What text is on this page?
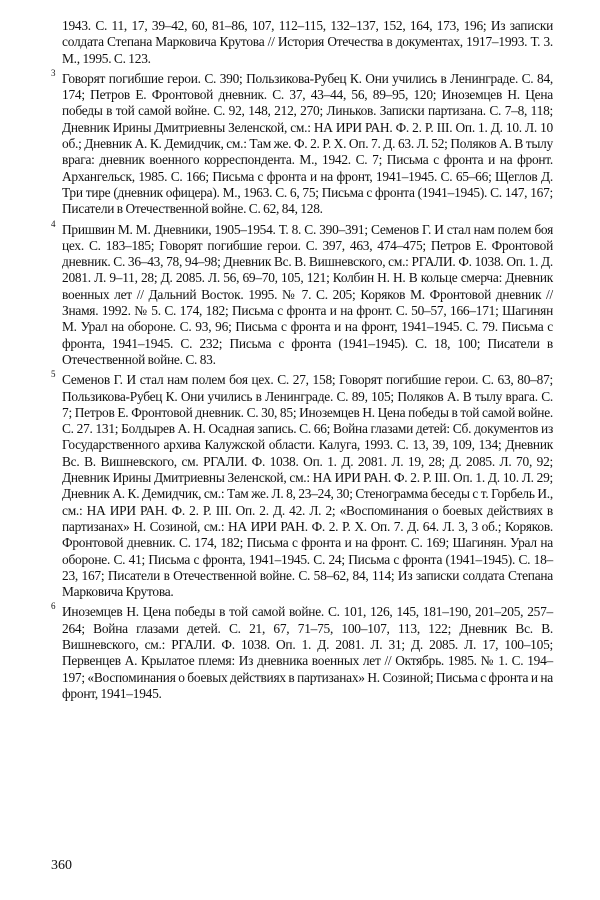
1943. С. 11, 17, 39–42, 60, 81–86, 107, 112–115, 132–137, 152, 164, 173, 196; Из записки солдата Степана Марковича Крутова // История Отечества в документах, 1917–1993. Т. 3. М., 1995. С. 123.

3 Говорят погибшие герои. С. 390; Пользикова-Рубец К. Они учились в Ленинграде. С. 84, 174; Петров Е. Фронтовой дневник. С. 37, 43–44, 56, 89–95, 120; Иноземцев Н. Цена победы в той самой войне. С. 92, 148, 212, 270; Линьков. Записки партизана. С. 7–8, 118; Дневник Ирины Дмитриевны Зеленской, см.: НА ИРИ РАН. Ф. 2. Р. III. Оп. 1. Д. 10. Л. 10 об.; Дневник А. К. Демидчик, см.: Там же. Ф. 2. Р. Х. Оп. 7. Д. 63. Л. 52; Поляков А. В тылу врага: дневник военного корреспондента. М., 1942. С. 7; Письма с фронта и на фронт. Архангельск, 1985. С. 166; Письма с фронта и на фронт, 1941–1945. С. 65–66; Щеглов Д. Три тире (дневник офицера). М., 1963. С. 6, 75; Письма с фронта (1941–1945). С. 147, 167; Писатели в Отечественной войне. С. 62, 84, 128.

4 Пришвин М. М. Дневники, 1905–1954. Т. 8. С. 390–391; Семенов Г. И стал нам полем боя цех. С. 183–185; Говорят погибшие герои. С. 397, 463, 474–475; Петров Е. Фронтовой дневник. С. 36–43, 78, 94–98; Дневник Вс. В. Вишневского, см.: РГАЛИ. Ф. 1038. Оп. 1. Д. 2081. Л. 9–11, 28; Д. 2085. Л. 56, 69–70, 105, 121; Колбин Н. Н. В кольце смерча: Дневник военных лет // Дальний Восток. 1995. № 7. С. 205; Коряков М. Фронтовой дневник // Знамя. 1992. № 5. С. 174, 182; Письма с фронта и на фронт. С. 50–57, 166–171; Шагинян М. Урал на обороне. С. 93, 96; Письма с фронта и на фронт, 1941–1945. С. 79. Письма с фронта, 1941–1945. С. 232; Письма с фронта (1941–1945). С. 18, 100; Писатели в Отечественной войне. С. 83.

5 Семенов Г. И стал нам полем боя цех. С. 27, 158; Говорят погибшие герои. С. 63, 80–87; Пользикова-Рубец К. Они учились в Ленинграде. С. 89, 105; Поляков А. В тылу врага. С. 7; Петров Е. Фронтовой дневник. С. 30, 85; Иноземцев Н. Цена победы в той самой войне. С. 27. 131; Болдырев А. Н. Осадная запись. С. 66; Война глазами детей: Сб. документов из Государственного архива Калужской области. Калуга, 1993. С. 13, 39, 109, 134; Дневник Вс. В. Вишневского, см. РГАЛИ. Ф. 1038. Оп. 1. Д. 2081. Л. 19, 28; Д. 2085. Л. 70, 92; Дневник Ирины Дмитриевны Зеленской, см.: НА ИРИ РАН. Ф. 2. Р. III. Оп. 1. Д. 10. Л. 29; Дневник А. К. Демидчик, см.: Там же. Л. 8, 23–24, 30; Стенограмма беседы с т. Горбель И., см.: НА ИРИ РАН. Ф. 2. Р. III. Оп. 2. Д. 42. Л. 2; «Воспоминания о боевых действиях в партизанах» Н. Созиной, см.: НА ИРИ РАН. Ф. 2. Р. Х. Оп. 7. Д. 64. Л. 3, 3 об.; Коряков. Фронтовой дневник. С. 174, 182; Письма с фронта и на фронт. С. 169; Шагинян. Урал на обороне. С. 41; Письма с фронта, 1941–1945. С. 24; Письма с фронта (1941–1945). С. 18–23, 167; Писатели в Отечественной войне. С. 58–62, 84, 114; Из записки солдата Степана Марковича Крутова.

6 Иноземцев Н. Цена победы в той самой войне. С. 101, 126, 145, 181–190, 201–205, 257–264; Война глазами детей. С. 21, 67, 71–75, 100–107, 113, 122; Дневник Вс. В. Вишневского, см.: РГАЛИ. Ф. 1038. Оп. 1. Д. 2081. Л. 31; Д. 2085. Л. 17, 100–105; Первенцев А. Крылатое племя: Из дневника военных лет // Октябрь. 1985. № 1. С. 194–197; «Воспоминания о боевых действиях в партизанах» Н. Созиной; Письма с фронта и на фронт, 1941–1945.

360
